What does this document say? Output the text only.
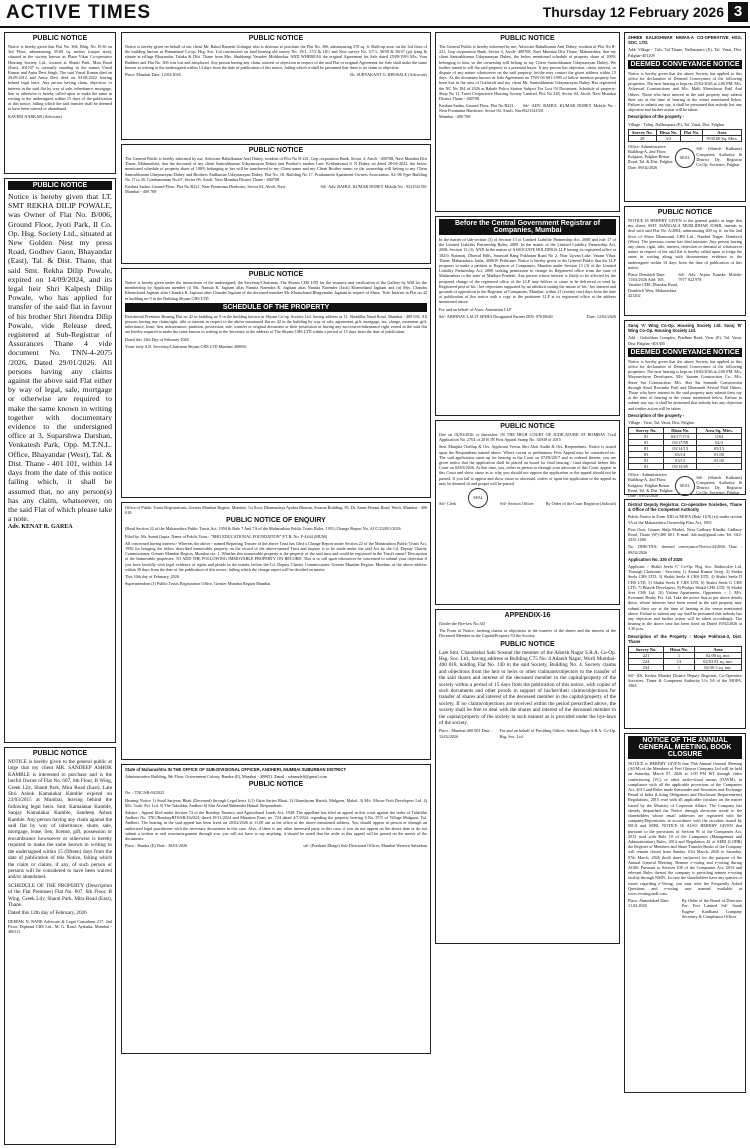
ACTIVE TIMES	Thursday 12 February 2026 3
PUBLIC NOTICE

Notice is hereby given that Flat No. 304, Bldg. No. B-36 on 3rd Floor, admeasuring 35.69 sq. meters (carpet area), situated in the society known as Plaza Vikas Co-operative Housing Society Ltd., located at Shanti Park, Mira Road (East), 401107 is currently standing in the names Vinod Kumar and Anita Devi Singh. The said Vinod Kumar died on 29.09.2012 and Anita Devi died on 03.08.2022 leaving behind legal heirs. Any person having claim, objection, or interest in the said flat by way of sale, inheritance, mortgage, lien or otherwise is hereby called upon to make the same in writing to the undersigned within 15 days of the publication of this notice, failing which the said transfer shall be deemed to have been waived or abandoned.

KAVERI NARKAR (Advocate)

PUBLIC NOTICE

Notice is hereby given that LT. SMT REKHA DILIP POWALE, was Owner of Flat No. B/006, Ground Floor, Jyoti Park, II Co. Op. Hsg. Society Ltd., situated at New Golden Nest my press Road, Godhev Gaon, Bhayandar (East), Tal. & Dist. Thane, that said Smt. Rekha Dilip Powale, expired on 14/09/2024, and its legal heir Shri Kalpesh Dilip Powale, who has applied for transfer of the said flat in favour of his brother Shri Jitendra Dilip Powale, vide Release deed, registered at Sub-Registrar of Assurances Thane 4 vide document No. TNN-4-2075 /2026, Dated 29/01/2026. All persons having any claims against the above said Flat either by way of legal, sale, mortgage or otherwise are required to make the same known in writing together with documentary evidence to the undersigned office at 3, Suparshwa Darshan, Venkatesh Park, Opp. M.T.N.L. Office, Bhayandar (West), Tal. & Dist. Thane - 401 101, within 14 days from the date of this notice failing which, it shall be assumed that, no any person(s) has any claim, whatsoever, on the said Flat of which please take a note.

Adv. KENAT R. GAREA

PUBLIC NOTICE

NOTICE is hereby given to the general public at large that my client MR. SANDEEP ASHOK KAMBLE is interested to purchase and is the lawful Owner of Flat No. 607, 6th Floor, B Wing, Greek Lily, Shanti Park, Mira Road (East). Late Shri Ashok Kamalakar Kamble expired on 23/03/2015 at Mumbai, leaving behind the following legal heirs. Smt. Kamalakar Kamble, Sanjay Kamalakar Kamble, Sandeep Ashok Kamble. Any person having any claim against the said flat by way of inheritance, share, sale, mortgage, lease, lien, license, gift, possession or encumbrance howsoever or otherwise is hereby required to make the same known in writing to the undersigned within 15 (fifteen) days from the date of publication of this Notice, failing which the claim or claims, if any, of such person or persons will be considered to have been waived and/or abandoned.

SCHEDULE OF THE PROPERTY (Description of the Flat Premises) Flat No. 607, 6th Floor, B Wing, Greek Lily, Shanti Park, Mira Road (East), Thane.

Dated this 12th day of February, 2026

DEEPAK N. RANE Advocate & Legal Consultant 217, 2nd Floor, Dipbond CHS Ltd., M. G. Road, Ayshaka, Mumbai - 400111.

PUBLIC NOTICE

Notice is hereby given on behalf of our client Mr. Rahul Ramesh Golatgar who is desirous to purchase the Flat No. 306, admeasuring 370 sq. ft. Built-up area, on the 3rd floor of the building known as Pramanand Co-op. Hsg. Soc. Ltd constructed on land bearing old survey No. 19/1, 17/2 & 18/1 and New survey No. 3/7/1, 38/50 & 38/47 (pt) lying & situate at village Bhayandar, Taluka & Dist. Thane from Mrs. Shubhangi Vasudev Mithbavkar. AND WHEREAS the original Agreement for Sale dated 25/09/1993 M/s. Vora Builders and Flat No. 306 was lost and misplaced. Any person having any claim, interest or objection in respect of the said Flat or original Agreement for Sale shall make the same known in writing to the undersigned within 14 days from the date of publication of this notice, failing which it shall be presumed that there is no claim or objection.

Place: Mumbai Date: 12/02/2026	Dr. SURYAKANT G. BHOSALE (Advocate)

PUBLIC NOTICE

The General Public is hereby informed by me, Advocate Rahulkumar Anil Dubey, resident of Plot No R-221, Gop corporation Bank, Sector 4, Airoli - 400708, Navi Mumbai Dist Thane, Maharashtra, that the deceased of my client Santoshkumar Udaynarayan Dubey and Brother's mother Late. Krishnavanti U N Dubey on dated 20-04-2022, the below mentioned schedule of property share of 100% belonging to her will be transferred to my Client name and my Client Brother name, so the ownership will belong to my Client Santoshkumar Udaynarayan Dubey and Brothers Anilkumar Udaynarayan Dubey. Flat No. 10, Building No 17, Prathamesh Apartment Owners Association, AL-06 Type Building No 17 to 20, Condominium No.67, Sector 06, Airoli, Navi Mumbai District Thane - 400708.

Krishna Sadan, Ground Floor, Plot No R221, Near Poonmina Hardware, Sector 04, Airoli, Navi Mumbai - 400 708

Sd/- Adv. RAHUL KUMAR DUBEY Mobile No : 9321541501

PUBLIC NOTICE

Notice is hereby given under the instructions of the undersigned, the Secretary/Chairman, The Shyam CHS LTD for the issuance and verification of the Gallery by Will for the membership by Applicant member (i) Ms. Namita K. Jagtiani alias Namita Narendra K. Jagtiani alias Namita Narender (Jack) Khemchand Jagtiani and (ii) Mrs. Chandra Khemchand Jagtiani alias Chandra K. Jagtiani alias Chander Jagtiani of the deceased member Mr. Khemchand Bhagvandas Jagtiani in respect of Share, Title, Interest in Flat no 42 in building no 9 in the Building Shyam CHS LTD.

SCHEDULE OF THE PROPERTY

Residential Premises Bearing Flat no 42 in building no 9 in the building known as Shyam Co-op. Society Ltd. having address at 11, Shraddha Nand Road, Mumbai - 400 056. All persons having any claim/right, title or interest in respect to the above mentioned flat no 42 in the building by way of sale, agreement, gift, mortgage, tax, charge, easement, gift, inheritance, lease, lien, maintenance, partition, possession, sale, transfer or original document or their possession or having any successive/inheritance right vested in the said flat are hereby required to make the same known in writing to the Secretary at the address of The Shyam CHS LTD within a period of 15 days from the date of publication.

Dated this 12th Day of February 2026

Yours truly S.D. Secretary/Chairman Shyam CHS LTD Mumbai 400056

Office of Public Trusts Registrations, Greater Mumbai Region, Mumbai. 1st floor, Dharmadaya Ayukta Bhavan, Swarna Building, 83, Dr. Annie Besant Road, Worli, Mumbai - 400 018.

PUBLIC NOTICE OF ENQUIRY

(Read Section 22 of the Maharashtra Public Trusts Act, 1950 & Rule 7 And 7A of the Maharashtra Public Trusts Rules, 1951) Change Report No. ACC/2349/1/2026

Filed by: Mr. Sumit Gupta. Name of Public Trust : "RHG EDUCATIONAL FOUNDATION" P.T.R. No. F-4444 (MUM)

All concerned having interest:- Whereas the above - named Reporting Trustee of the above Trust has filed a Change Report under Section 22 of the Maharashtra Public Trusts Act, 1950 for bringing the below described immovable property on the record of the above-named Trust and inquiry is to be made under the said Act by the Ld. Deputy Charity Commissioner, Greater Mumbai Region, Mumbai viz. 1. Whether this immovable property is the property of the said trust and could be registered in the Trust's name? Description of the Immovable properties: TO ADD THE FOLLOWING IMMOVABLE PROPERTY ON RECORD. This is to call upon whosoever be concerned to submit your objection if you have lawfully with legal evidence of rights and pleads in the matter, before the Ld. Deputy Charity Commissioner, Greater Mumbai Region, Mumbai, at the above address within 30 days from the date of the publication of this notice, failing which the change report will be decided on merits.

This 10th day of February, 2026.

Superintendent (J) Public Trusts Registration Office, Greater Mumbai Region Mumbai.

State of Maharashtra IN THE OFFICE OF SUB-DIVISIONAL OFFICER, ANDHERI, MUMBAI SUBURBAN DISTRICT

Administrative Building, 9th Floor, Government Colony, Bandra (E), Mumbai - 400051. Email - sdomsdeff@gmail.com

PUBLIC NOTICE

No. - TNC/SR-04/2025

Hearing Notice 1) Sunil Sarjerao Bhatt (Deceased) through Legal heirs 1(1) Girin Sarjeo Bhatt. 2) Ghanshyam Harish, Mulgaon, Mahal. 3) M/s. Macro-Tech Developers Ltd. 4) M/s. Gufic Pvt. Ltd. 5) The Tahsildar, Andheri 6) Shri Arvind Mahendra Hatnal. Respondents.

Subject : Appeal filed under Section 74 of the Bombay Tenancy and Agricultural Lands Act, 1948. The appellant has filed an appeal in this court against the order of Tahsildar Andheri No. TNC/BombayRTS/SR/162024, dated 19/11/2024 and Mutation Entry no. 724 dated 4/7/2024, regarding the property bearing S.No. 87/5 of Village Mulgaon, Tal. Andheri. The hearing in the said appeal has been fixed on 20/02/2026 at 11.00 am at the office at the above mentioned address. You should appear in person or through an authorized legal practitioner with the necessary documents in this case. Also, if there is any other interested party in this case, if you do not appear on the above date or do not submit a written or oral reasons/argument through you, you will not have to say anything, it should be noted that the order in this appeal will be passed on the merits of the documents.

Place : Bandra (E) Date : 30/01/2026	sd/- (Prashant Dhage) Sub-Divisional Officer, Mumbai Western Suburban

PUBLIC NOTICE

The General Public is hereby informed by me, Advocate Rahulkumar Anil Dubey, resident of Plot No R-221, Gop corporation Bank, Sector 4, Airoli- 400708, Navi Mumbai Dist Thane, Maharashtra, that my client Santoshkumar Udaynarayan Dubey, the below mentioned schedule of property share of 100% belonging to him, so the ownership will belong to my Client Santoshkumar Udaynarayan Dubey. We further intend to sell the said property to a potential buyer. If any person has objection, claim, interest, or dispute of any nature whatsoever on the said property, he/she may contact the given address within 15 days. As the document known as Sale Agreement no TNN-03-681-1995 of below mention property has been lost in the area of Gothivali and my client Mr. Santoshkumar Udaynarayan Dubey Has registered the NC No 104 of 2026 at Rabale Police Station Subject For Lost Of Document. Schedule of property: Shop No 11, Tanvi Cooperative Housing Society Limited, Plot No 228, Sector 04, Airoli, Navi Mumbai District Thane - 400708.

Krishna Sadan, Ground Floor, Plot No R221, Near Poonmina Hardware, Sector 04, Airoli, Navi Mumbai - 400 708

Sd/- ADV. RAHUL KUMAR DUBEY Mobile No : 9321541501

Before the Central Government Registrar of Companies, Mumbai

In the matter of sub-section (3) of Section 13 of Limited Liability Partnership Act, 2008 and rule 17 of the Limited Liability Partnership Rules, 2009. In the matter of the Limited Liability Partnership Act, 2008, Section 13 (3). AND In the matter of ASSOCIATE HOLDINGS LLP having its registered office at 102/0, Ratanraj, Dhawal Hills, Sasawad Bang Pokharan Road No 2, Near Upvan Lake, Vasant Vihar, Thane, Maharashtra, India, 400610 Petitioner. Notice is hereby given to the General Public that the LLP proposes to make a petition to Registrar of Companies, Mumbai under Section 13 (3) of the Limited Liability Partnership Act, 2008 seeking permission to change its Registered office from the state of Maharashtra to the state of Madhya Pradesh. Any person whose interest is likely to be affected by the proposed change of the registered office of the LLP may deliver or cause to be delivered or send by Registered post of his / her objections supported by an affidavit stating the nature of his / her interest and grounds of opposition to the Registrar of Companies, Mumbai, within 21 (twenty one) days from the date of publication of this notice with a copy to the petitioner LLP at its registered office at the address mentioned above.

For and on behalf of Assoc Animation LLP

Sd/- ABHINAV LALIT SINHA Designated Partner DIN: 07618640	Date: 12/02/2026

PUBLIC NOTICE

Due on 02/03/2026 or thereafter. IN THE HIGH COURT OF JUDICATURE AT BOMBAY Civil Application No. 2764 of 2016 IN First Appeal Stamp No. 34949 of 2015

Smt. Manjula Chellup & Ors. Applicant Versus Shri Alok Andhi & Ors. Respondents. Notice is issued upon the Respondents named above. Where caveat or preliminary First Appeal may be considered etc. The said application came up for hearing in the Court on 07/08/2017 and as ordered therein, you are given notice that the application shall be placed on board for final hearing / final disposal before this Court on 02/03/2026. At that time, you, either in person or through your advocate of this Court, appear in this Court and show cause as to why you should not oppose the application or the appeal should not be passed. If you fail to appear and show cause as aforesaid, orders of upon the application or the appeal as may be deemed fit and proper will be passed.

Sd/- Clerk

SEAL

Sd/- Section Officer	By Order of the Court Registrar (Judicial)

APPENDIX-16

[Under the Bye-law No.34]

The Form of Notice, inviting claims or objections to the transfer of the shares and the interest of the Deceased Member in the Capital/Property Of the Society.

PUBLIC NOTICE

Late Smt. Chandrabai Sahi Sosmal the member of the Adarsh Nagar S.R.A. Co-Op. Hsg. Soc. Ltd., having address at Building C75 No. 4 Adarsh Nagar, Worli Mumbai- 400 018, holding Flat No. 130 in the said Society, Building No. 4. Society claims and objections from the heir or heirs or other claimants/objectors to the transfer of the said shares and interest of the deceased member in the capital/property of the society within a period of 15 days from the publication of this notice, with copies of such documents and other proofs in support of his/her/their claims/objections for transfer of shares and interest of the deceased member in the capital/property of the society. If no claims/objections are received within the period prescribed above, the society shall be free to deal with the shares and interest of the deceased member in the capital/property of the society in such manner as is provided under the bye-laws of the society.

Place : Mumbai-400 001 Date : 12/02/2026

For and on behalf of Presiding Officer, Adarsh Nagar S.R.A. Co-Op. Hsg. Soc. Ltd.

SHREE KALESHWAR NIWAS-A CO-OPERATIVE HSG. SOC. LTD.

Add: Village - Tuls, Tal Thane, Nallasopara (E), Tal. Vasai, Dist. Palghar-401209

DEEMED CONVEYANCE NOTICE

Notice is hereby given that the above Society has applied to this office for declaration of Deemed Conveyance of the following properties. The next hearing is kept on 25/02/2026 at 2:00 PM. M/s. Ashirwad Constructions and M/s. Malti Moreshwar Patil And Others. Those who have interest in the said property may submit their say at the time of hearing at the venue mentioned below. Failure to submit any say, it shall be presumed that nobody has any objection and further action will be taken.

Description of the property -

Village : Tulinj, Nallasopara (E), Tal. Vasai, Dist. Palghar

Survey No.	Hissa No.	Plot No.	Area
28	3/2	-	1930.00 Sq. Mtrs.

Office: Administrative Building-A, 2nd Floor, Kolgaon, Palghar-Boisar Road, Tal. & Dist. Palghar. Date: 09/02/2026

SEAL

Sd/- (Shirish Kulkarni) Competent Authority & District Dy. Registrar Co.Op. Societies, Palghar

PUBLIC NOTICE

NOTICE IS HEREBY GIVEN to the general public at large that my client, SMT. MANGALA MURLIDHAR JOSHI, intends to deal with said Flat No. A/2004, admeasuring 400 sq. ft. on the 2nd floor of Shree Dhanwanti CHS Ltd., Nanded Nagar, Dombivli (West). The previous owner has died intestate. Any person having any claim, right, title, interest, objection or demand of whatsoever nature in respect of the said flat is hereby called upon to lodge the same in writing along with documentary evidence to the undersigned within 14 days from the date of publication of this notice.

Place: Dombivli Date: 11/02/2026 Add: 105, Vanalee CHS, Dhankar Road, Dombivli West, Maharashtra 421202

Sd/- Adv. Arpita Kanske Mobile: 7977 922 978

Suraj 'A' Wing Co-Op. Housing Society Ltd. Suraj 'B' Wing Co-Op. Housing Society Ltd.

Add : Gokulthan Complex, Pradhan Road, Virar (E), Tal. Vasai, Dist. Palghar -401305

DEEMED CONVEYANCE NOTICE

Notice is hereby given that the above Society has applied to this office for declaration of Deemed Conveyance of the following properties. The next hearing is kept on 18/02/2026 at 2:00 PM. M/s. Mayureshwar Developers, M/s. Sairam Construction Co., M/s. Shree Sai Construction, M/s. Shri Sai Samarth Construction through Amol Ravindra Patil and Dharmesh Arvind Patil Others. Those who have interest in the said property may submit their say at the time of hearing at the venue mentioned below. Failure to submit any say, it shall be presumed that nobody has any objection and further action will be taken.

Description of the property -

Village : Virar, Tal. Vasai, Dist. Palghar

Survey No.	Hissa No.	Area Sq. Mtrs.
81	03/17/17A	1104
81	03/17/08	02/4
81	03/14/13	05/13
83	03/14	01.00
81	03/13	01.00
81	03/13/05	-

Office : Administrative Building-A, 2nd Floor, Kolgaon, Palghar-Boisar Road, Tal. & Dist. Palghar. Date : 09/02/2026

SEAL

Sd/- (Shirish Kulkarni) Competent Authority & District Dy. Registrar Co.Op. Societies, Palghar

District Deputy Registrar, Co-operative Societies, Thane & Office of the Competent Authority

Public Notice in Form XIII of MOFA (Rule 11(9) (e)) under section 5A of the Maharashtra Ownership Flats Act, 1963

First floor, Gaurav Shilp Market, Near Cadbury Khadki, Cadbury Road, Thane (W)-400 601. E-mail: ddr.tna@gmail.com Tel: 022-2533 1486

No. DDR/TNA/ deemed conveyance/Notice/44/2026 Date : 09/02/2026

Application No. 330 of 2025

Applicant :- Shakti Seela 'C' Co-Op. Hsg. Soc. Radiocolee Ltd. Through Chairman / Secretary 1) Anand Kumar Jivraj, 2) Shakti Seela CHS LTD, 3) Shakti Seela A CHS LTD, 4) Shakti Seela D CHS LTD, 5) Shakti Seela E CHS LTD, 6) Shakti Seela G CHS LTD, 7) Bhavik Developers, 8) Pushpa Shakti CHS LTD, 9) Shakti Sree CHS Ltd, 10) Vishnu Apartments. Opponents :- 1. M/s. Everamte Realty Pvt. Ltd. Take the notice that as per above details those, whose interests have been vested in the said property may submit their say at the time of hearing at the venue mentioned above. Failure to submit any say shall be presumed that nobody has any objection and further action will be taken accordingly. The hearing in the above case has been fixed on Dated 19/02/2026 at 3.30 p.m.

Description of the Property : Mouje Pokhran-3, Dist. Thane

Survey No.	Hissa No.	Area
221	1	02.00 sq. mtr.
224	13	02/03.81 sq. mtr.
234	1	02/30.5 sq. mtr.

Sd/- (Dr. Kishor Mande) District Deputy Registrar, Co-Operative Societies, Thane & Competent Authority U/s 5A of the MOFA, 1963.

NOTICE OF THE ANNUAL GENERAL MEETING, BOOK CLOSURE

NOTICE is HEREBY GIVEN that 70th Annual General Meeting (AGM) of the Members of Fort Gleacer Company Ltd will be held on Saturday, March 07, 2026 at 1:00 PM IST through video conferencing (VC) or other audio-visual means (OAVM), in compliance with all the applicable provisions of the Companies Act, 2013 and Rules made thereunder and Securities and Exchange Board of India (Listing Obligations and Disclosure Requirements) Regulations, 2015 read with all applicable circulars on the matter issued by the Ministry of Corporate Affairs. The Company has already dispatched the Notice through electronic mode to the shareholders whose email addresses are registered with the company/Depositories in accordance with the circulars issued by MCA and SEBI. NOTICE IS ALSO HEREBY GIVEN that pursuant to the provisions of Section 91 of the Companies Act, 2013 read with Rule 10 of the Companies (Management and Administration) Rules, 2014 and Regulation 42 of SEBI (LODR) the Register of Members and Share Transfer Books of the Company will remain closed from Sunday, 01st March, 2026 to Saturday, 07th March, 2026 (both dates inclusive) for the purpose of the Annual General Meeting. Remote e-voting and e-voting during AGM: Pursuant to Section 108 of the Companies Act, 2013 and relevant Rules thereof the company is providing remote e-voting facility through NSDL. In case the shareholders have any queries or issues regarding e-Voting, you may refer the Frequently Asked Questions and e-voting user manual available at www.evoting.nsdl.com.

Place: Ahmedabad Date: 11.02.2026

By Order of the Board of Directors For: Fort Limited Sd/- Sarah Eugene Kardhana Company Secretary & Compliance Officer
